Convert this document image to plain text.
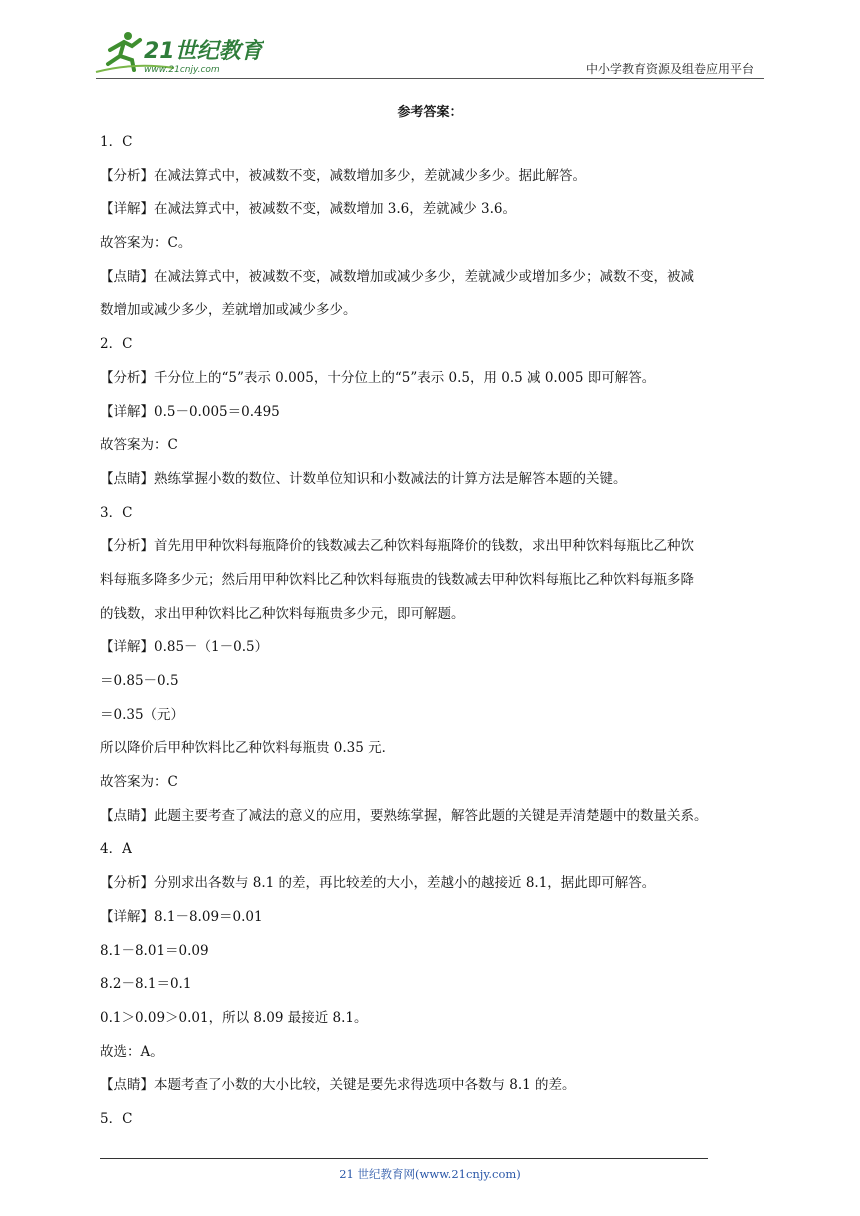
21世纪教育
www.21cnjy.com	中小学教育资源及组卷应用平台
参考答案：
1．C
【分析】在减法算式中，被减数不变，减数增加多少，差就减少多少。据此解答。
【详解】在减法算式中，被减数不变，减数增加 3.6，差就减少 3.6。
故答案为：C。
【点睛】在减法算式中，被减数不变，减数增加或减少多少，差就减少或增加多少；减数不变，被减
数增加或减少多少，差就增加或减少多少。
2．C
【分析】千分位上的“5”表示 0.005，十分位上的“5”表示 0.5，用 0.5 减 0.005 即可解答。
【详解】0.5－0.005＝0.495
故答案为：C
【点睛】熟练掌握小数的数位、计数单位知识和小数减法的计算方法是解答本题的关键。
3．C
【分析】首先用甲种饮料每瓶降价的钱数减去乙种饮料每瓶降价的钱数，求出甲种饮料每瓶比乙种饮
料每瓶多降多少元；然后用甲种饮料比乙种饮料每瓶贵的钱数减去甲种饮料每瓶比乙种饮料每瓶多降
的钱数，求出甲种饮料比乙种饮料每瓶贵多少元，即可解题。
【详解】0.85－（1－0.5）
＝0.85－0.5
＝0.35（元）
所以降价后甲种饮料比乙种饮料每瓶贵 0.35 元．
故答案为：C
【点睛】此题主要考查了减法的意义的应用，要熟练掌握，解答此题的关键是弄清楚题中的数量关系。
4．A
【分析】分别求出各数与 8.1 的差，再比较差的大小，差越小的越接近 8.1，据此即可解答。
【详解】8.1－8.09＝0.01
8.1－8.01＝0.09
8.2－8.1＝0.1
0.1＞0.09＞0.01，所以 8.09 最接近 8.1。
故选：A。
【点睛】本题考查了小数的大小比较，关键是要先求得选项中各数与 8.1 的差。
5．C
21 世纪教育网(www.21cnjy.com)
